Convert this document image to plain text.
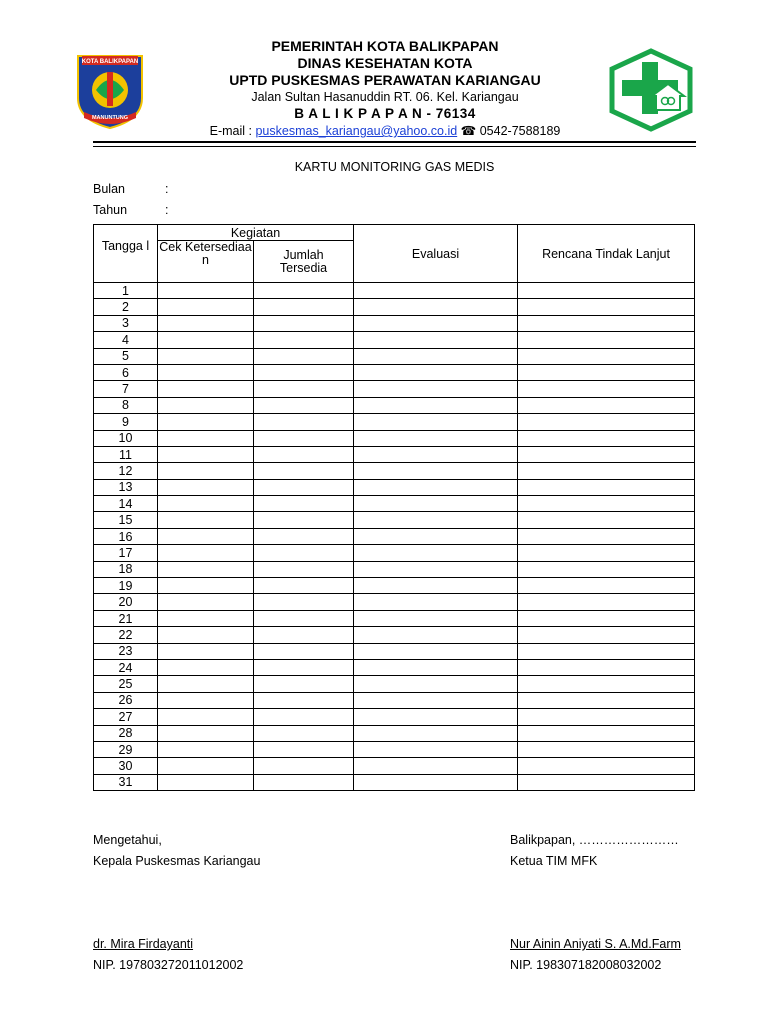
KOTA BALIKPAPAN
MANUNTUNG
PEMERINTAH KOTA BALIKPAPAN
DINAS KESEHATAN KOTA
UPTD PUSKESMAS PERAWATAN KARIANGAU
Jalan Sultan Hasanuddin RT. 06. Kel. Kariangau
B A L I K P A P A N - 76134
E-mail : puskesmas_kariangau@yahoo.co.id ☎ 0542-7588189
KARTU MONITORING GAS MEDIS
Bulan	:
Tahun	:
Tangga l	Kegiatan		Evaluasi	Rencana Tindak Lanjut
	Cek Ketersediaa n	Jumlah Tersedia		
1				
2				
3				
4				
5				
6				
7				
8				
9				
10				
11				
12				
13				
14				
15				
16				
17				
18				
19				
20				
21				
22				
23				
24				
25				
26				
27				
28				
29				
30				
31				
Mengetahui,
Kepala Puskesmas Kariangau
dr. Mira Firdayanti
NIP. 197803272011012002
Balikpapan, ……………………
Ketua TIM MFK
Nur Ainin Aniyati S. A.Md.Farm
NIP. 198307182008032002
